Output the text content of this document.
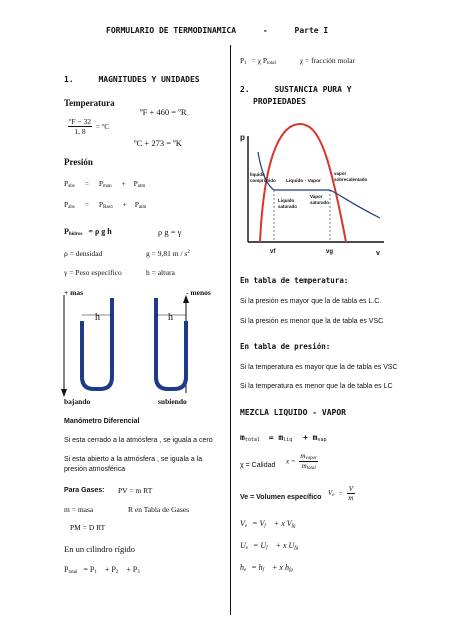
FORMULARIO DE TERMODINAMICA	-	Parte I
1.	MAGNITUDES Y UNIDADES
Temperatura
ºF + 460 = ºR
$\frac{\text{ºF − 32}}{1, 8}$ = ºC
ºC + 273 = ºK
Presión
$P_{abs} = P_{man} + P_{atm}$
$P_{abs} = P_{Baro} + P_{atm}$
$P_{hidros} = \rho$ g h	ρ g = γ
ρ = densidad	g = 9,81 m / $s^2$
γ = Peso específico	h = altura
+ mas	- menos
h	h
bajando	subiendo
Manómetro Diferencial
Si esta cerrado a la atmósfera , se iguala a cero
Si esta abierto a la atmósfera , se iguala a la
presión atmosférica
Para Gases: PV = m RT
m = masa	R en Tabla de Gases
PM = D RT
En un cilindro rígido
$P_{total} = P_1 + P_2 + P_3$
$P_1 = \chi$ $P_{total}$	χ = fracción molar
2.	SUSTANCIA PURA Y
PROPIEDADES
p
v
liquido
comprimido Liquido - Vapor
vapor
sobrecalentado
Liquido
saturado
Vapor
saturado
vf	vg
En tabla de temperatura:
Si la presión es mayor que la de tabla es L.C.
Si la presión es menor que la de tabla es VSC
En tabla de presión:
Si la temperatura es mayor que la de tabla es VSC
Si la temperatura es menor que la de tabla es LC
MEZCLA LIQUIDO - VAPOR
$m_{total} = m_{liq} + m_{vap}$
χ = Calidad x =
$m_{vapor}$
$m_{total}$
Ve = Volumen específico
$V_e = \frac{V}{m}$
$V_e = V_f + x$ $V_{fg}$
$U_e = U_f + x$ $U_{fg}$
$h_e = h_f + x$ $h_{fg}$
